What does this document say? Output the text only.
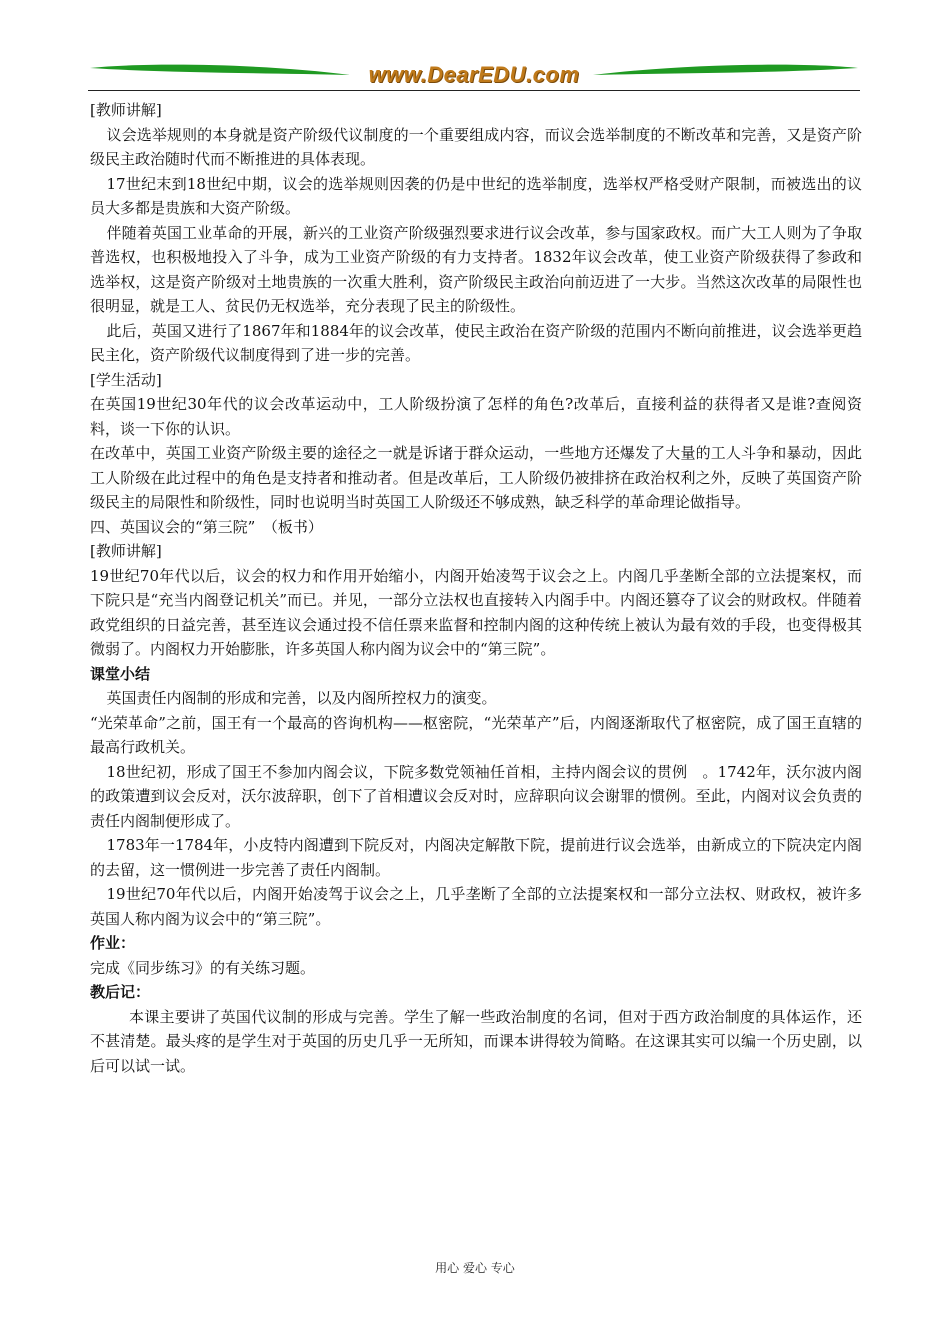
www.DearEDU.com

[教师讲解]

议会选举规则的本身就是资产阶级代议制度的一个重要组成内容，而议会选举制度的不断改革和完善，又是资产阶级民主政治随时代而不断推进的具体表现。

17世纪末到18世纪中期，议会的选举规则因袭的仍是中世纪的选举制度，选举权严格受财产限制，而被选出的议员大多都是贵族和大资产阶级。

伴随着英国工业革命的开展，新兴的工业资产阶级强烈要求进行议会改革，参与国家政权。而广大工人则为了争取普选权，也积极地投入了斗争，成为工业资产阶级的有力支持者。1832年议会改革，使工业资产阶级获得了参政和选举权，这是资产阶级对土地贵族的一次重大胜利，资产阶级民主政治向前迈进了一大步。当然这次改革的局限性也很明显，就是工人、贫民仍无权选举，充分表现了民主的阶级性。

此后，英国又进行了1867年和1884年的议会改革，使民主政治在资产阶级的范围内不断向前推进，议会选举更趋民主化，资产阶级代议制度得到了进一步的完善。

[学生活动]

在英国19世纪30年代的议会改革运动中，工人阶级扮演了怎样的角色?改革后，直接利益的获得者又是谁?查阅资料，谈一下你的认识。

在改革中，英国工业资产阶级主要的途径之一就是诉诸于群众运动，一些地方还爆发了大量的工人斗争和暴动，因此工人阶级在此过程中的角色是支持者和推动者。但是改革后，工人阶级仍被排挤在政治权利之外，反映了英国资产阶级民主的局限性和阶级性，同时也说明当时英国工人阶级还不够成熟，缺乏科学的革命理论做指导。

四、英国议会的“第三院”　（板书）

[教师讲解]

19世纪70年代以后，议会的权力和作用开始缩小，内阁开始凌驾于议会之上。内阁几乎垄断全部的立法提案权，而下院只是“充当内阁登记机关”而已。并见，一部分立法权也直接转入内阁手中。内阁还篡夺了议会的财政权。伴随着政党组织的日益完善，甚至连议会通过投不信任票来监督和控制内阁的这种传统上被认为最有效的手段，也变得极其微弱了。内阁权力开始膨胀，许多英国人称内阁为议会中的“第三院”。

课堂小结

英国责任内阁制的形成和完善，以及内阁所控权力的演变。

“光荣革命”之前，国王有一个最高的咨询机构——枢密院，“光荣革产”后，内阁逐渐取代了枢密院，成了国王直辖的最高行政机关。

18世纪初，形成了国王不参加内阁会议，下院多数党领袖任首相，主持内阁会议的贯例　。1742年，沃尔波内阁的政策遭到议会反对，沃尔波辞职，创下了首相遭议会反对时，应辞职向议会谢罪的惯例。至此，内阁对议会负责的责任内阁制便形成了。

1783年一1784年，小皮特内阁遭到下院反对，内阁决定解散下院，提前进行议会选举，由新成立的下院决定内阁的去留，这一惯例进一步完善了责任内阁制。

19世纪70年代以后，内阁开始凌驾于议会之上，几乎垄断了全部的立法提案权和一部分立法权、财政权，被许多英国人称内阁为议会中的“第三院”。

作业：

完成《同步练习》的有关练习题。

教后记：

本课主要讲了英国代议制的形成与完善。学生了解一些政治制度的名词，但对于西方政治制度的具体运作，还不甚清楚。最头疼的是学生对于英国的历史几乎一无所知，而课本讲得较为简略。在这课其实可以编一个历史剧，以后可以试一试。

用心 爱心 专心
